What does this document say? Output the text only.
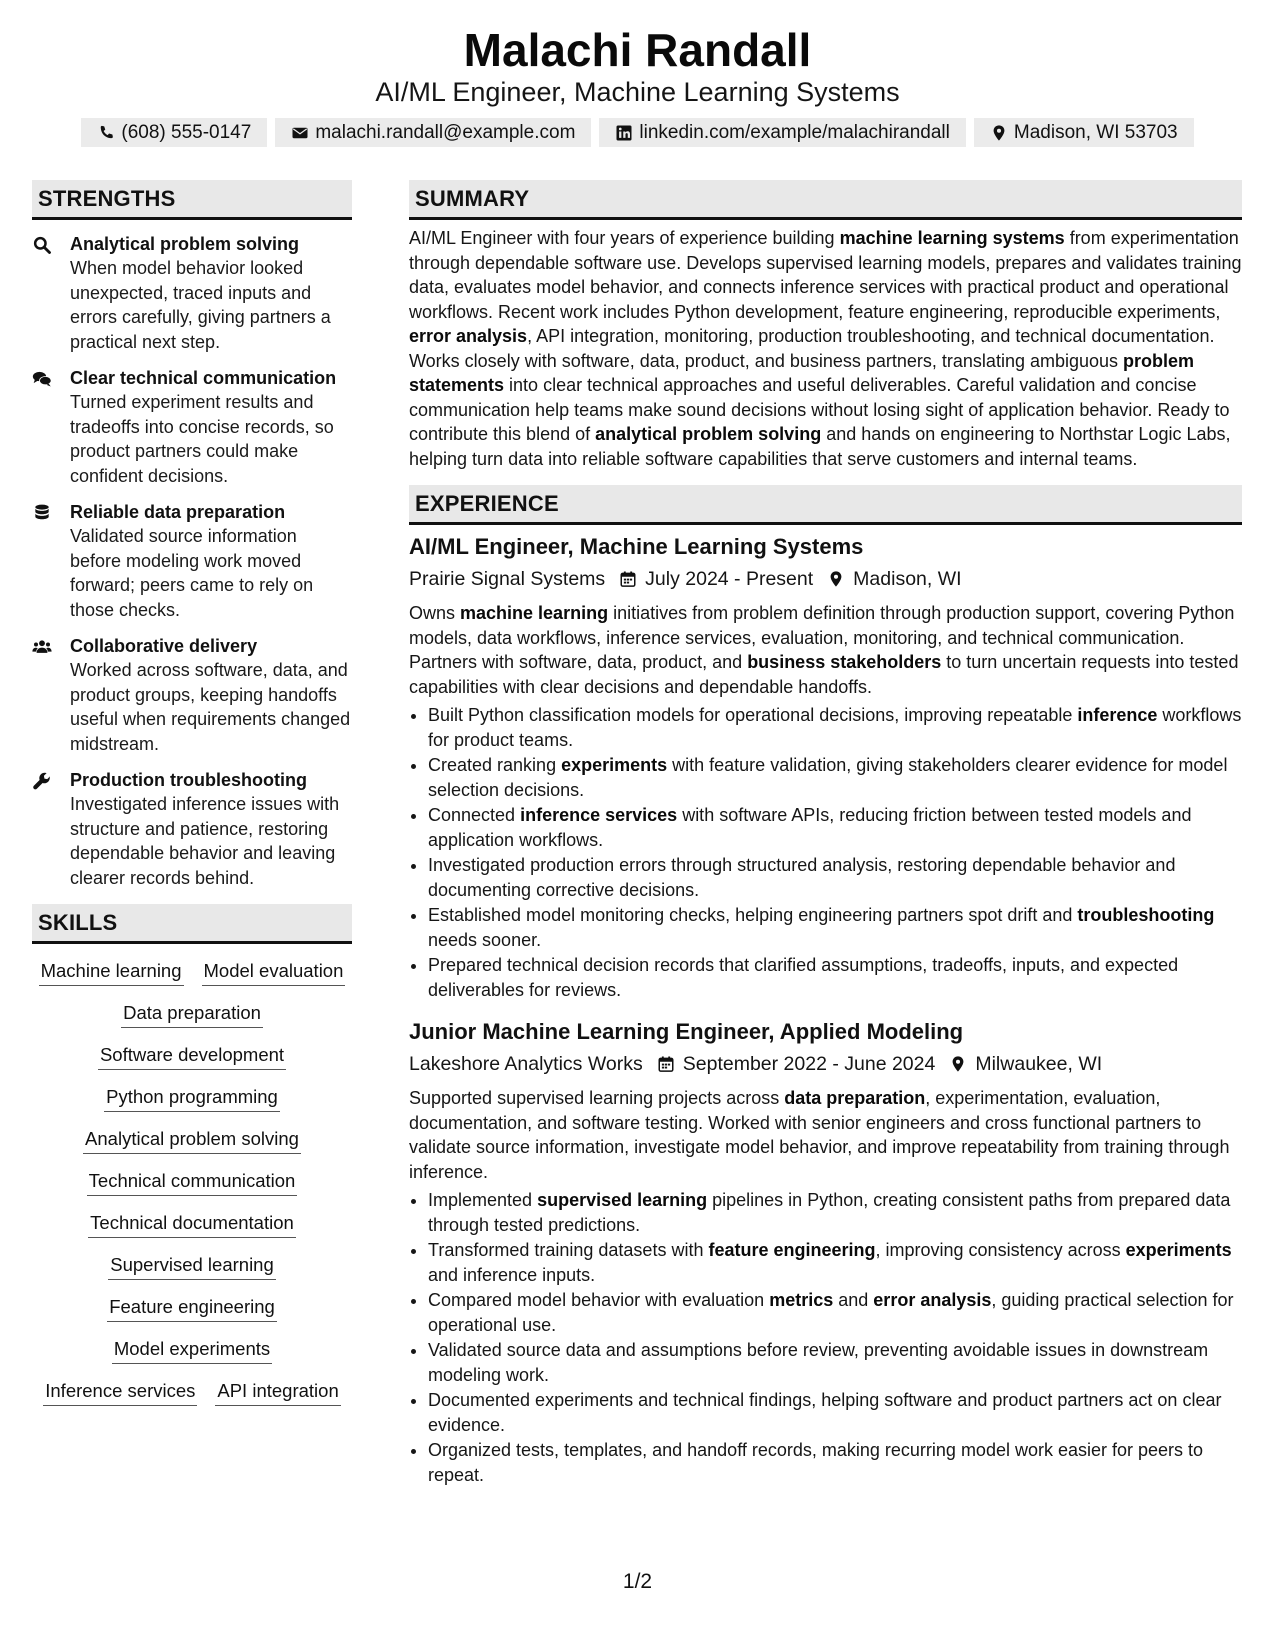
Malachi Randall
AI/ML Engineer, Machine Learning Systems
(608) 555-0147	malachi.randall@example.com	linkedin.com/example/malachirandall	Madison, WI 53703
STRENGTHS
Analytical problem solving
When model behavior looked unexpected, traced inputs and errors carefully, giving partners a practical next step.
Clear technical communication
Turned experiment results and tradeoffs into concise records, so product partners could make confident decisions.
Reliable data preparation
Validated source information before modeling work moved forward; peers came to rely on those checks.
Collaborative delivery
Worked across software, data, and product groups, keeping handoffs useful when requirements changed midstream.
Production troubleshooting
Investigated inference issues with structure and patience, restoring dependable behavior and leaving clearer records behind.
SKILLS
Machine learning Model evaluation
Data preparation
Software development
Python programming
Analytical problem solving
Technical communication
Technical documentation
Supervised learning
Feature engineering
Model experiments
Inference services API integration
SUMMARY
AI/ML Engineer with four years of experience building machine learning systems from experimentation through dependable software use. Develops supervised learning models, prepares and validates training data, evaluates model behavior, and connects inference services with practical product and operational workflows. Recent work includes Python development, feature engineering, reproducible experiments, error analysis, API integration, monitoring, production troubleshooting, and technical documentation. Works closely with software, data, product, and business partners, translating ambiguous problem statements into clear technical approaches and useful deliverables. Careful validation and concise communication help teams make sound decisions without losing sight of application behavior. Ready to contribute this blend of analytical problem solving and hands on engineering to Northstar Logic Labs, helping turn data into reliable software capabilities that serve customers and internal teams.
EXPERIENCE
AI/ML Engineer, Machine Learning Systems
Prairie Signal Systems July 2024 - Present Madison, WI
Owns machine learning initiatives from problem definition through production support, covering Python models, data workflows, inference services, evaluation, monitoring, and technical communication. Partners with software, data, product, and business stakeholders to turn uncertain requests into tested capabilities with clear decisions and dependable handoffs.
• Built Python classification models for operational decisions, improving repeatable inference workflows for product teams.
• Created ranking experiments with feature validation, giving stakeholders clearer evidence for model selection decisions.
• Connected inference services with software APIs, reducing friction between tested models and application workflows.
• Investigated production errors through structured analysis, restoring dependable behavior and documenting corrective decisions.
• Established model monitoring checks, helping engineering partners spot drift and troubleshooting needs sooner.
• Prepared technical decision records that clarified assumptions, tradeoffs, inputs, and expected deliverables for reviews.
Junior Machine Learning Engineer, Applied Modeling
Lakeshore Analytics Works September 2022 - June 2024 Milwaukee, WI
Supported supervised learning projects across data preparation, experimentation, evaluation, documentation, and software testing. Worked with senior engineers and cross functional partners to validate source information, investigate model behavior, and improve repeatability from training through inference.
• Implemented supervised learning pipelines in Python, creating consistent paths from prepared data through tested predictions.
• Transformed training datasets with feature engineering, improving consistency across experiments and inference inputs.
• Compared model behavior with evaluation metrics and error analysis, guiding practical selection for operational use.
• Validated source data and assumptions before review, preventing avoidable issues in downstream modeling work.
• Documented experiments and technical findings, helping software and product partners act on clear evidence.
• Organized tests, templates, and handoff records, making recurring model work easier for peers to repeat.
1/2
